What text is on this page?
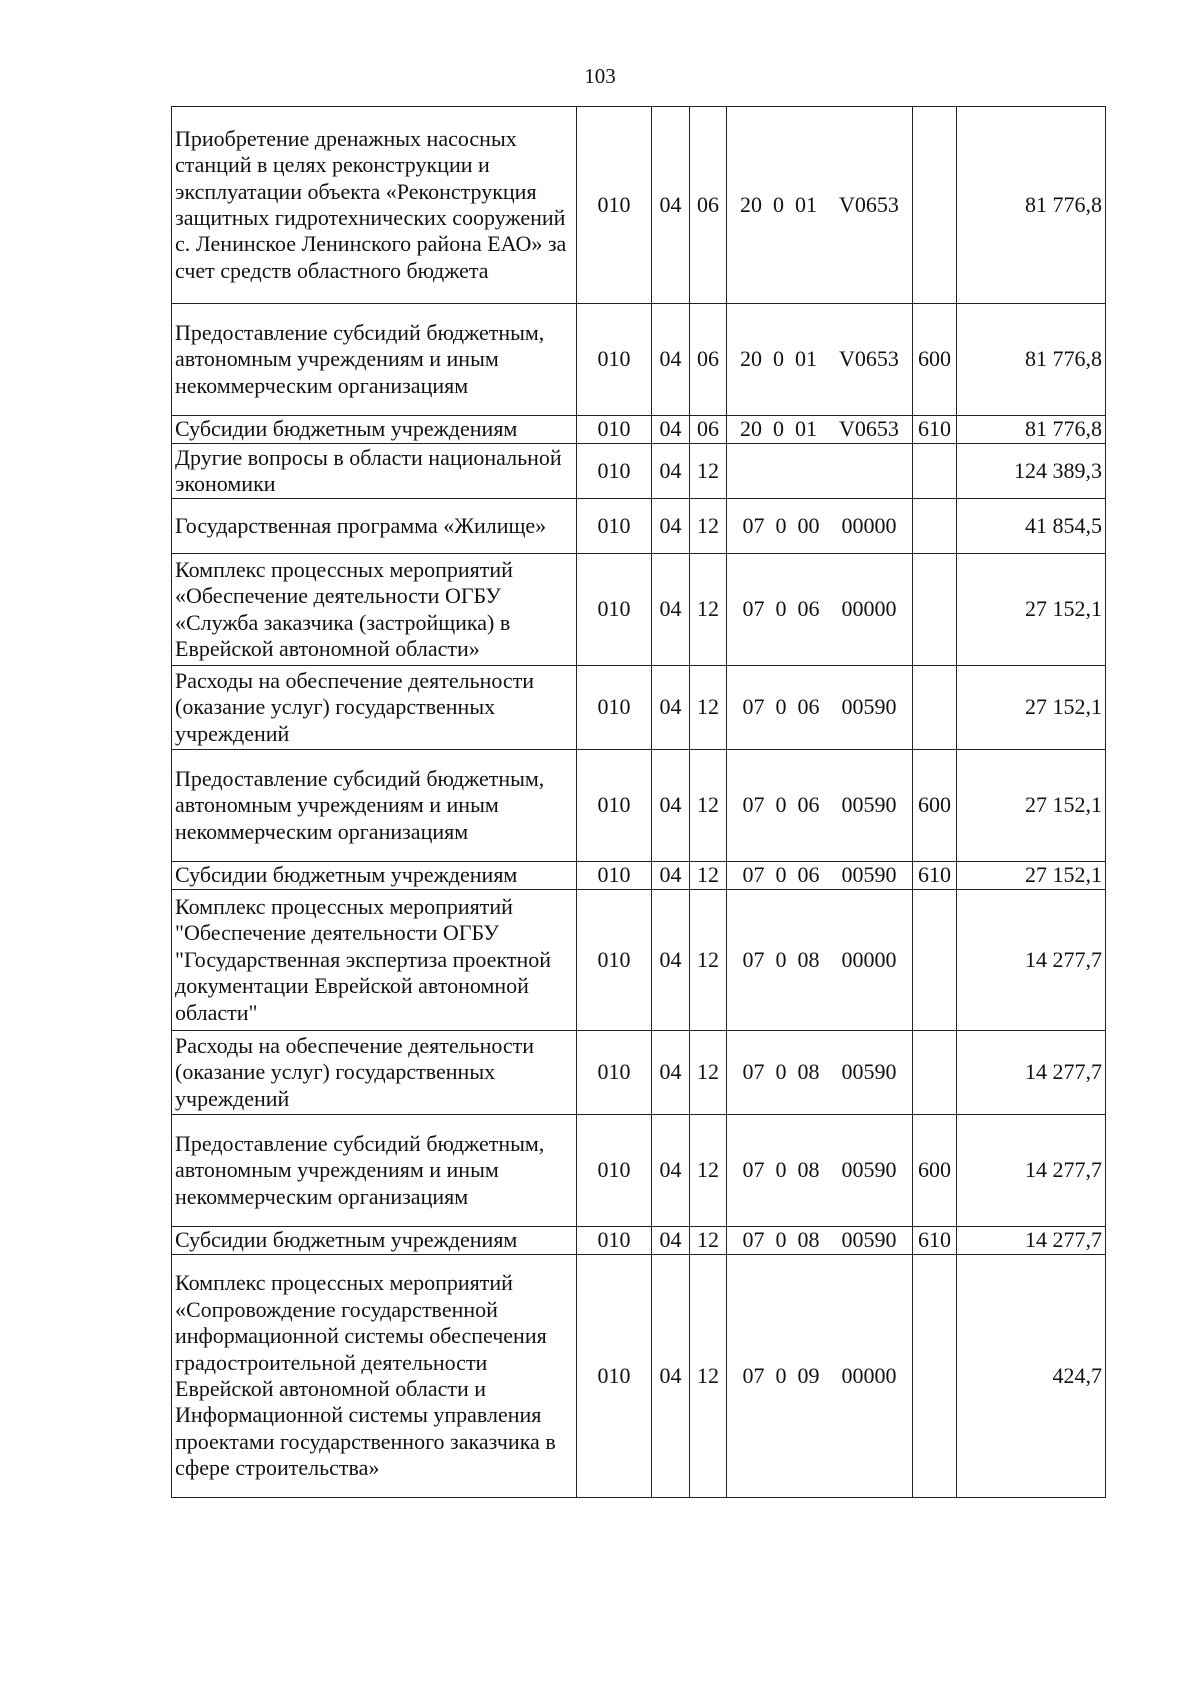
103
Приобретение дренажных насосных станций в целях реконструкции и эксплуатации объекта «Реконструкция защитных гидротехнических сооружений с. Ленинское Ленинского района ЕАО» за счет средств областного бюджета	010	04	06	20 0 01 V0653		81 776,8
Предоставление субсидий бюджетным, автономным учреждениям и иным некоммерческим организациям	010	04	06	20 0 01 V0653	600	81 776,8
Субсидии бюджетным учреждениям	010	04	06	20 0 01 V0653	610	81 776,8
Другие вопросы в области национальной экономики	010	04	12			124 389,3
Государственная программа «Жилище»	010	04	12	07 0 00 00000		41 854,5
Комплекс процессных мероприятий «Обеспечение деятельности ОГБУ «Служба заказчика (застройщика) в Еврейской автономной области»	010	04	12	07 0 06 00000		27 152,1
Расходы на обеспечение деятельности (оказание услуг) государственных учреждений	010	04	12	07 0 06 00590		27 152,1
Предоставление субсидий бюджетным, автономным учреждениям и иным некоммерческим организациям	010	04	12	07 0 06 00590	600	27 152,1
Субсидии бюджетным учреждениям	010	04	12	07 0 06 00590	610	27 152,1
Комплекс процессных мероприятий "Обеспечение деятельности ОГБУ "Государственная экспертиза проектной документации Еврейской автономной области"	010	04	12	07 0 08 00000		14 277,7
Расходы на обеспечение деятельности (оказание услуг) государственных учреждений	010	04	12	07 0 08 00590		14 277,7
Предоставление субсидий бюджетным, автономным учреждениям и иным некоммерческим организациям	010	04	12	07 0 08 00590	600	14 277,7
Субсидии бюджетным учреждениям	010	04	12	07 0 08 00590	610	14 277,7
Комплекс процессных мероприятий «Сопровождение государственной информационной системы обеспечения градостроительной деятельности Еврейской автономной области и Информационной системы управления проектами государственного заказчика в сфере строительства»	010	04	12	07 0 09 00000		424,7
